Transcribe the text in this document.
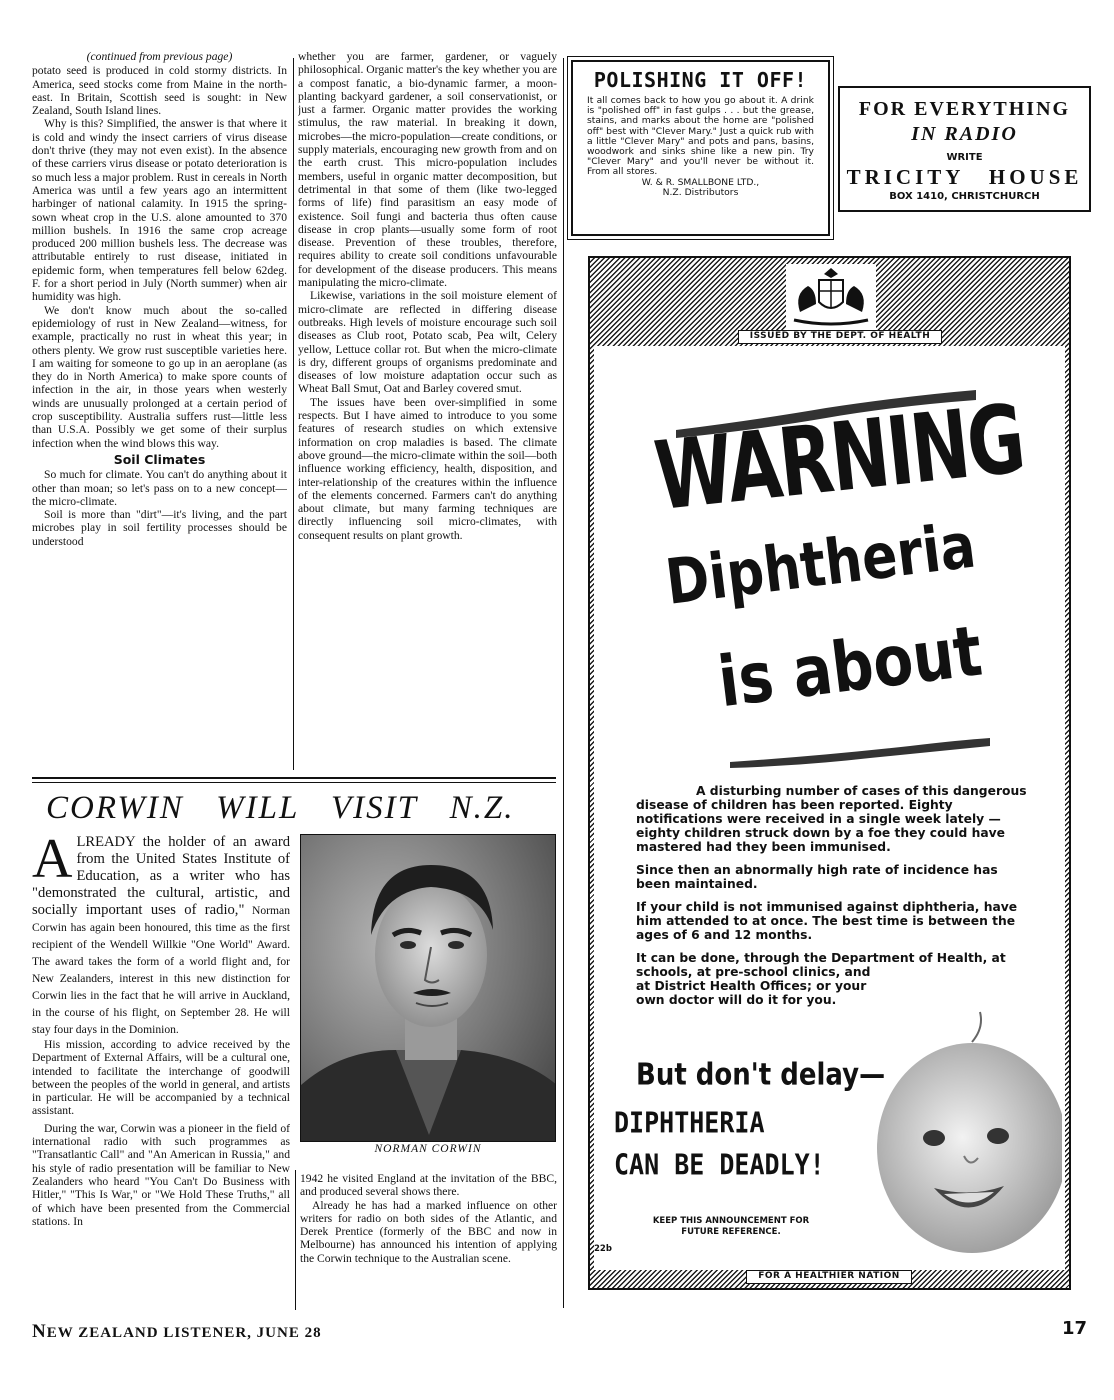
(continued from previous page)

potato seed is produced in cold stormy districts. In America, seed stocks come from Maine in the north-east. In Britain, Scottish seed is sought: in New Zealand, South Island lines.

Why is this? Simplified, the answer is that where it is cold and windy the insect carriers of virus disease don't thrive (they may not even exist). In the absence of these carriers virus disease or potato deterioration is so much less a major problem. Rust in cereals in North America was until a few years ago an intermittent harbinger of national calamity. In 1915 the spring-sown wheat crop in the U.S. alone amounted to 370 million bushels. In 1916 the same crop acreage produced 200 million bushels less. The decrease was attributable entirely to rust disease, initiated in epidemic form, when temperatures fell below 62deg. F. for a short period in July (North summer) when air humidity was high.

We don't know much about the so-called epidemiology of rust in New Zealand—witness, for example, practically no rust in wheat this year; in others plenty. We grow rust susceptible varieties here. I am waiting for someone to go up in an aeroplane (as they do in North America) to make spore counts of infection in the air, in those years when westerly winds are unusually prolonged at a certain period of crop susceptibility. Australia suffers rust—little less than U.S.A. Possibly we get some of their surplus infection when the wind blows this way.

Soil Climates

So much for climate. You can't do anything about it other than moan; so let's pass on to a new concept—the micro-climate.

Soil is more than "dirt"—it's living, and the part microbes play in soil fertility processes should be understood

whether you are farmer, gardener, or vaguely philosophical. Organic matter's the key whether you are a compost fanatic, a bio-dynamic farmer, a moon-planting backyard gardener, a soil conservationist, or just a farmer. Organic matter provides the working stimulus, the raw material. In breaking it down, microbes—the micro-population—create conditions, or supply materials, encouraging new growth from and on the earth crust. This micro-population includes members, useful in organic matter decomposition, but detrimental in that some of them (like two-legged forms of life) find parasitism an easy mode of existence. Soil fungi and bacteria thus often cause disease in crop plants—usually some form of root disease. Prevention of these troubles, therefore, requires ability to create soil conditions unfavourable for development of the disease producers. This means manipulating the micro-climate.

Likewise, variations in the soil moisture element of micro-climate are reflected in differing disease outbreaks. High levels of moisture encourage such soil diseases as Club root, Potato scab, Pea wilt, Celery yellow, Lettuce collar rot. But when the micro-climate is dry, different groups of organisms predominate and diseases of low moisture adaptation occur such as Wheat Ball Smut, Oat and Barley covered smut.

The issues have been over-simplified in some respects. But I have aimed to introduce to you some features of research studies on which extensive information on crop maladies is based. The climate above ground—the micro-climate within the soil—both influence working efficiency, health, disposition, and inter-relationship of the creatures within the influence of the elements concerned. Farmers can't do anything about climate, but many farming techniques are directly influencing soil micro-climates, with consequent results on plant growth.

CORWIN WILL VISIT N.Z.

ALREADY the holder of an award from the United States Institute of Education, as a writer who has "demonstrated the cultural, artistic, and socially important uses of radio," Norman Corwin has again been honoured, this time as the first recipient of the Wendell Willkie "One World" Award. The award takes the form of a world flight and, for New Zealanders, interest in this new distinction for Corwin lies in the fact that he will arrive in Auckland, in the course of his flight, on September 28. He will stay four days in the Dominion.

His mission, according to advice received by the Department of External Affairs, will be a cultural one, intended to facilitate the interchange of goodwill between the peoples of the world in general, and artists in particular. He will be accompanied by a technical assistant.

During the war, Corwin was a pioneer in the field of international radio with such programmes as "Transatlantic Call" and "An American in Russia," and his style of radio presentation will be familiar to New Zealanders who heard "You Can't Do Business with Hitler," "This Is War," or "We Hold These Truths," all of which have been presented from the Commercial stations. In

NORMAN CORWIN

1942 he visited England at the invitation of the BBC, and produced several shows there.

Already he has had a marked influence on other writers for radio on both sides of the Atlantic, and Derek Prentice (formerly of the BBC and now in Melbourne) has announced his intention of applying the Corwin technique to the Australian scene.

NEW ZEALAND LISTENER, JUNE 28	17
POLISHING IT OFF!
It all comes back to how you go about it. A drink is "polished off" in fast gulps . . . but the grease, stains, and marks about the home are "polished off" best with "Clever Mary." Just a quick rub with a little "Clever Mary" and pots and pans, basins, woodwork and sinks shine like a new pin. Try "Clever Mary" and you'll never be without it. From all stores.
W. & R. SMALLBONE LTD.,
N.Z. Distributors
FOR EVERYTHING
IN RADIO
WRITE
TRICITY HOUSE
BOX 1410, CHRISTCHURCH
ISSUED BY THE DEPT. OF HEALTH
WARNING
Diphtheria
is about

A disturbing number of cases of this dangerous disease of children has been reported. Eighty notifications were received in a single week lately — eighty children struck down by a foe they could have mastered had they been immunised.

Since then an abnormally high rate of incidence has been maintained.

If your child is not immunised against diphtheria, have him attended to at once. The best time is between the ages of 6 and 12 months.

It can be done, through the Department of Health, at

schools, at pre-school clinics, and at District Health Offices; or your own doctor will do it for you.

But don't delay—
DIPHTHERIA
CAN BE DEADLY!
KEEP THIS ANNOUNCEMENT FOR FUTURE REFERENCE.
22b
FOR A HEALTHIER NATION
